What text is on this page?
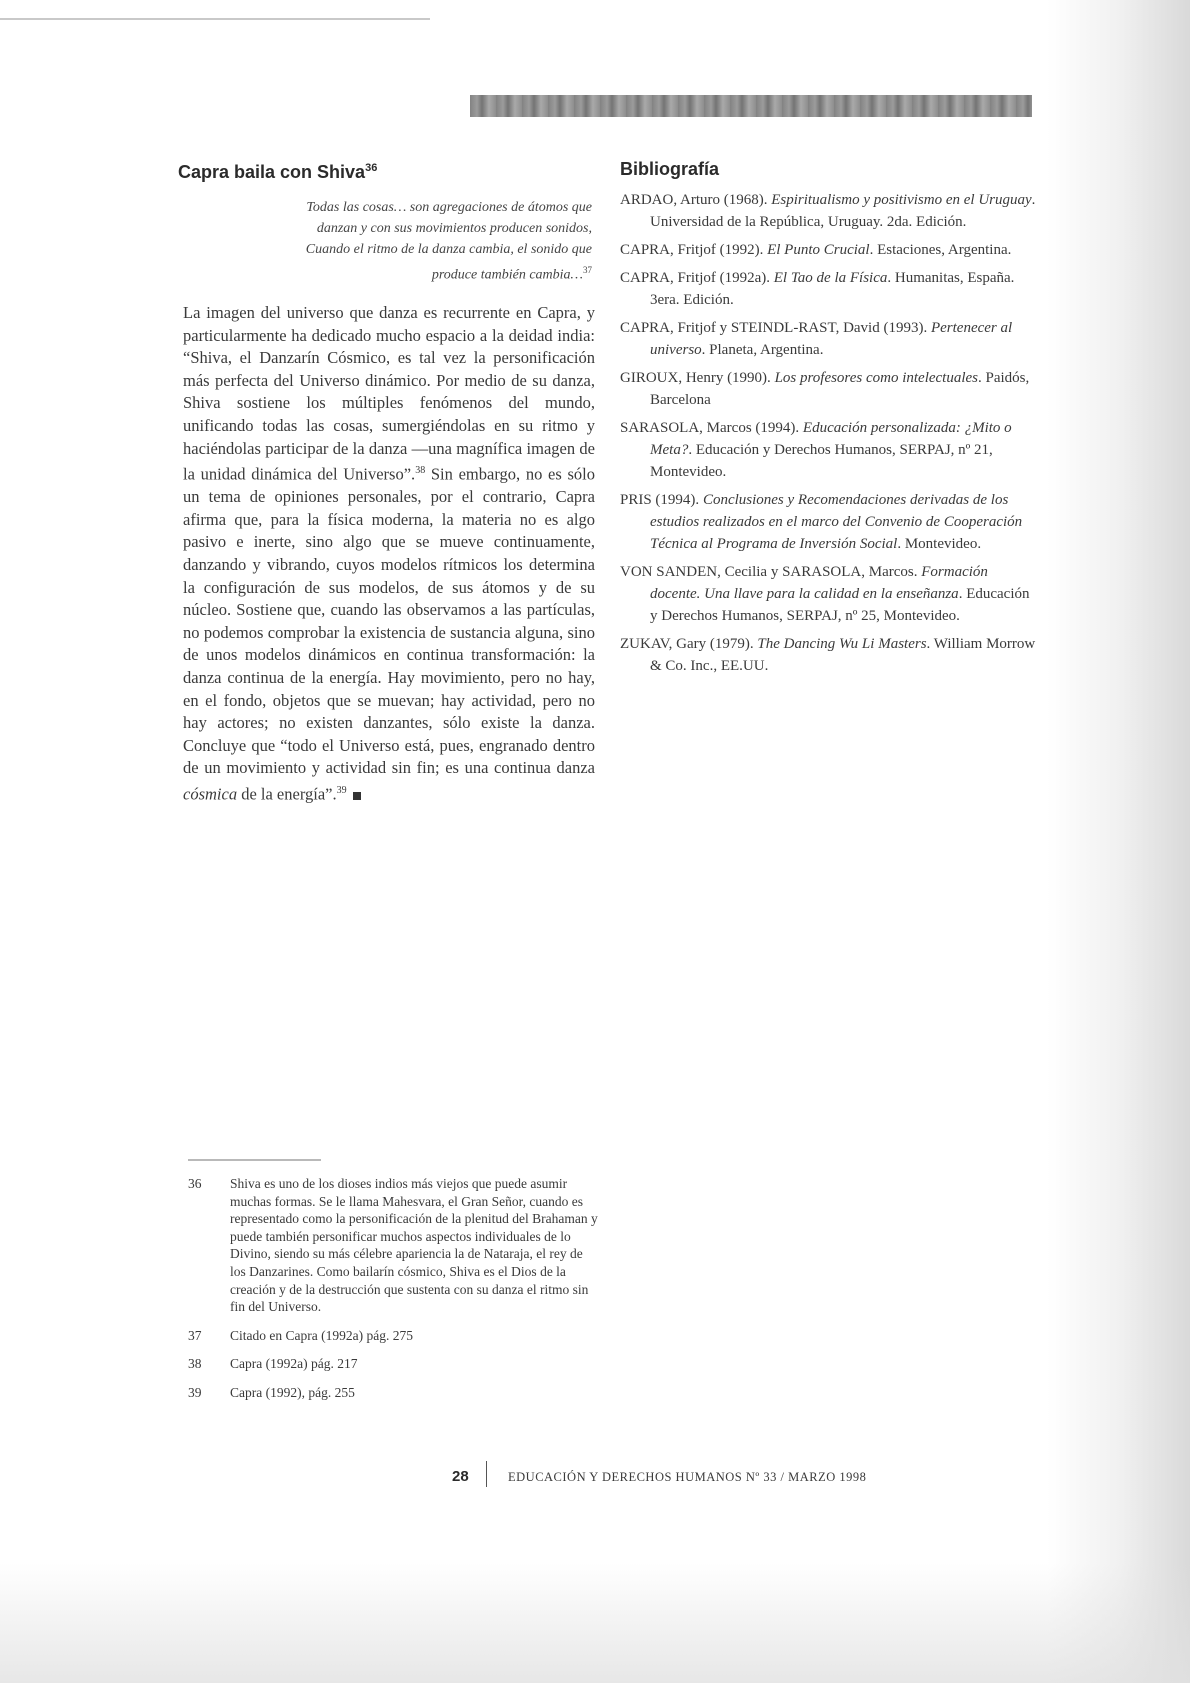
Capra baila con Shiva$^{36}$
Todas las cosas… son agregaciones de átomos que
danzan y con sus movimientos producen sonidos,
Cuando el ritmo de la danza cambia, el sonido que
produce también cambia…$^{37}$

La imagen del universo que danza es recurrente en Capra, y particularmente ha dedicado mucho espacio a la deidad india: “Shiva, el Danzarín Cósmico, es tal vez la personificación más perfecta del Universo dinámico. Por medio de su danza, Shiva sostiene los múltiples fenómenos del mundo, unificando todas las cosas, sumergiéndolas en su ritmo y haciéndolas participar de la danza —una magnífica imagen de la unidad dinámica del Universo”.$^{38}$ Sin embargo, no es sólo un tema de opiniones personales, por el contrario, Capra afirma que, para la física moderna, la materia no es algo pasivo e inerte, sino algo que se mueve continuamente, danzando y vibrando, cuyos modelos rítmicos los determina la configuración de sus modelos, de sus átomos y de su núcleo. Sostiene que, cuando las observamos a las partículas, no podemos comprobar la existencia de sustancia alguna, sino de unos modelos dinámicos en continua transformación: la danza continua de la energía. Hay movimiento, pero no hay, en el fondo, objetos que se muevan; hay actividad, pero no hay actores; no existen danzantes, sólo existe la danza. Concluye que “todo el Universo está, pues, engranado dentro de un movimiento y actividad sin fin; es una continua danza cósmica de la energía”.$^{39}$

Bibliografía
ARDAO, Arturo (1968). Espiritualismo y positivismo en el Uruguay. Universidad de la República, Uruguay. 2da. Edición.
CAPRA, Fritjof (1992). El Punto Crucial. Estaciones, Argentina.
CAPRA, Fritjof (1992a). El Tao de la Física. Humanitas, España. 3era. Edición.
CAPRA, Fritjof y STEINDL-RAST, David (1993). Pertenecer al universo. Planeta, Argentina.
GIROUX, Henry (1990). Los profesores como intelectuales. Paidós, Barcelona
SARASOLA, Marcos (1994). Educación personalizada: ¿Mito o Meta?. Educación y Derechos Humanos, SERPAJ, nº 21, Montevideo.
PRIS (1994). Conclusiones y Recomendaciones derivadas de los estudios realizados en el marco del Convenio de Cooperación Técnica al Programa de Inversión Social. Montevideo.
VON SANDEN, Cecilia y SARASOLA, Marcos. Formación docente. Una llave para la calidad en la enseñanza. Educación y Derechos Humanos, SERPAJ, nº 25, Montevideo.
ZUKAV, Gary (1979). The Dancing Wu Li Masters. William Morrow & Co. Inc., EE.UU.
36	Shiva es uno de los dioses indios más viejos que puede asumir muchas formas. Se le llama Mahesvara, el Gran Señor, cuando es representado como la personificación de la plenitud del Brahaman y puede también personificar muchos aspectos individuales de lo Divino, siendo su más célebre apariencia la de Nataraja, el rey de los Danzarines. Como bailarín cósmico, Shiva es el Dios de la creación y de la destrucción que sustenta con su danza el ritmo sin fin del Universo.
37	Citado en Capra (1992a) pág. 275
38	Capra (1992a) pág. 217
39	Capra (1992), pág. 255
28	EDUCACIÓN Y DERECHOS HUMANOS Nº 33 / MARZO 1998
